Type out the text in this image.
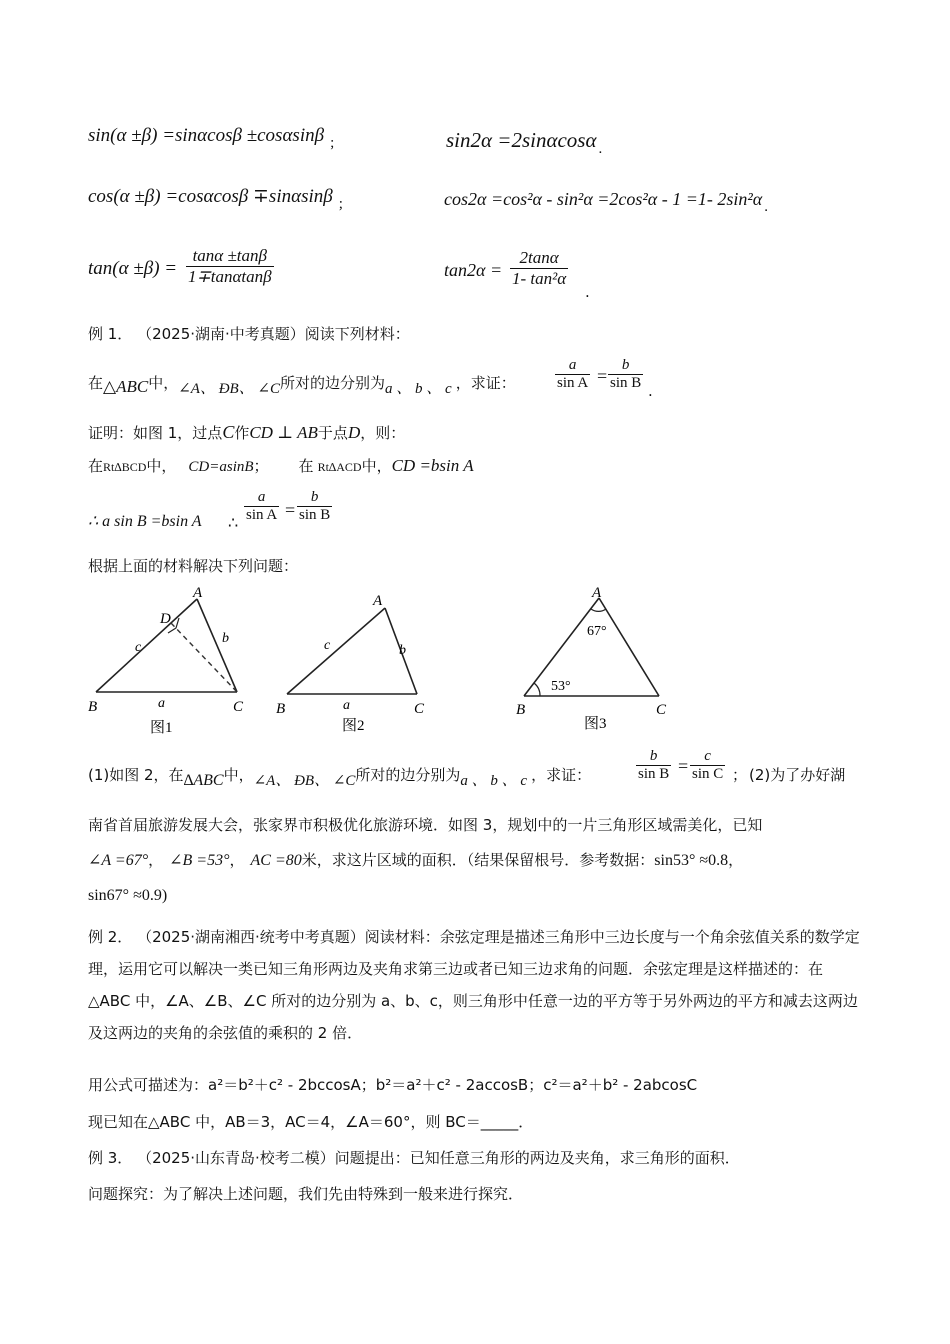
sin(α ±β) =sinαcosβ ±cosαsinβ $_;$	sin2α =2sinαcosα $_.$
cos(α ±β) =cosαcosβ ∓sinαsinβ $_;$	cos2α =cos²α - sin²α =2cos²α - 1 =1- 2sin²α $_.$
$\tan(\alpha \pm\beta) = \frac{\tan\alpha \pm\tan\beta}{1\mp\tan\alpha\tan\beta}$	$\tan 2\alpha = \frac{2\tan\alpha}{\text{1- tan²α}}$
.
例 1． （2025·湖南·中考真题）阅读下列材料：
在△ABC中，∠A、 ÐB、 ∠C所对的边分别为a 、 b 、 c ，求证：	$\frac{a}{\text{sin A}} = \frac{b}{\text{sin B}}$ .
证明：如图 1，过点C作CD ⊥ AB于点D，则：
在Rt∆BCD中， CD=asinB； 在 Rt∆ACD中，CD =bsin A
∴ a sin B =bsin A ∴ $\frac{a}{\text{sin A}} = \frac{b}{\text{sin B}}$
根据上面的材料解决下列问题：
A
D
B	C
a
b
c
图1
A
B	C
a
b
c
图2
A
B	C
67°
53°
图3
(1)如图 2，在∆ABC中，∠A、 ÐB、 ∠C所对的边分别为a 、 b 、 c ，求证：	$\frac{b}{\text{sin B}} = \frac{c}{\text{sin C}}$ ； (2)为了办好湖
南省首届旅游发展大会，张家界市积极优化旅游环境．如图 3，规划中的一片三角形区域需美化，已知
∠A =67°， ∠B =53°， AC =80米，求这片区域的面积．（结果保留根号．参考数据：sin53° ≈0.8，
sin67° ≈0.9)
例 2． （2025·湖南湘西·统考中考真题）阅读材料：余弦定理是描述三角形中三边长度与一个角余弦值关系的数学定理，运用它可以解决一类已知三角形两边及夹角求第三边或者已知三边求角的问题．余弦定理是这样描述的：在△ABC 中，∠A、∠B、∠C 所对的边分别为 a、b、c，则三角形中任意一边的平方等于另外两边的平方和减去这两边及这两边的夹角的余弦值的乘积的 2 倍．
用公式可描述为：a²＝b²＋c² - 2bccosA；b²＝a²＋c² - 2accosB；c²＝a²＋b² - 2abcosC
现已知在△ABC 中，AB＝3，AC＝4，∠A＝60°，则 BC＝_____．
例 3． （2025·山东青岛·校考二模）问题提出：已知任意三角形的两边及夹角，求三角形的面积．
问题探究：为了解决上述问题，我们先由特殊到一般来进行探究．
